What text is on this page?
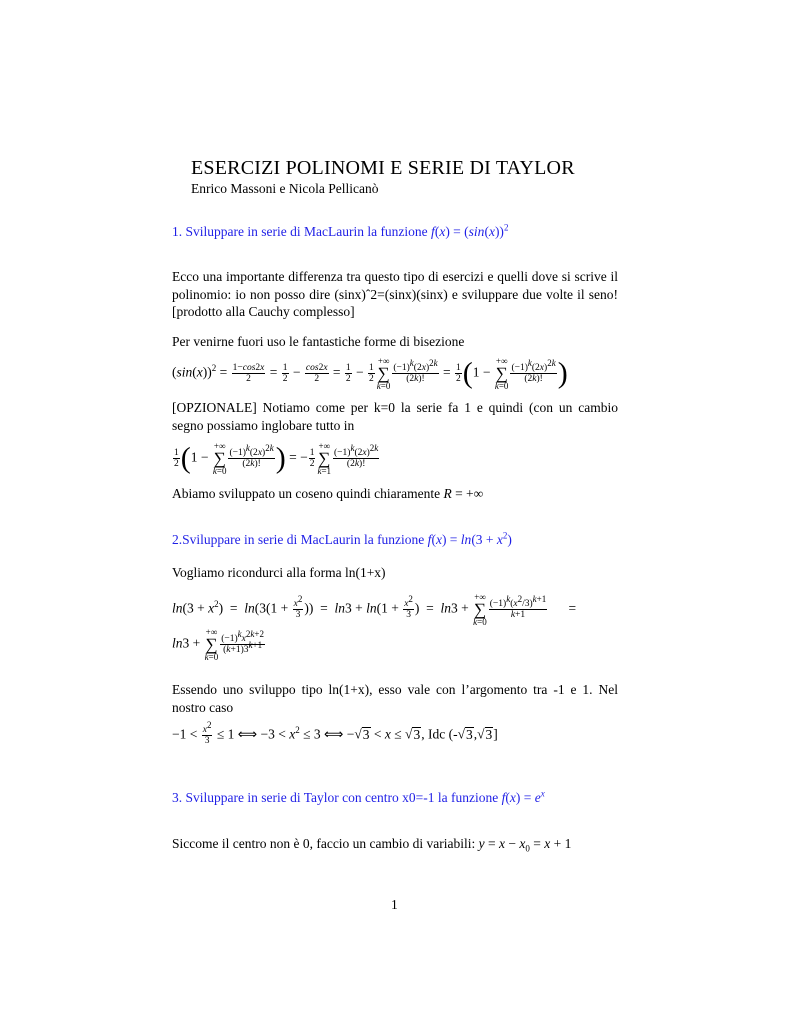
ESERCIZI POLINOMI E SERIE DI TAYLOR
Enrico Massoni e Nicola Pellicanò
1. Sviluppare in serie di MacLaurin la funzione $f(x) = (\sin(x))^2$
Ecco una importante differenza tra questo tipo di esercizi e quelli dove si scrive il polinomio: io non posso dire (sinx)ˆ2=(sinx)(sinx) e sviluppare due volte il seno! [prodotto alla Cauchy complesso]
Per venirne fuori uso le fantastiche forme di bisezione
$(\sin(x))^2 = \frac{1-\cos 2x}{2} = \frac{1}{2} - \frac{\cos 2x}{2} = \frac{1}{2} - \frac{1}{2}$
+∞
∑
k=0
$\frac{(-1)^k(2x)^{2k}}{(2k)!} = \frac{1}{2} (1$ −
+∞
∑
k=0
$\frac{(-1)^k(2x)^{2k}}{(2k)!}$ )
[OPZIONALE] Notiamo come per k=0 la serie fa 1 e quindi (con un cambio segno possiamo inglobare tutto in
$\frac{1}{2} (1$ −
+∞
∑
k=0
$\frac{(-1)^k(2x)^{2k}}{(2k)!}$ ) = − $\frac{1}{2}$
+∞
∑
k=1
$\frac{(-1)^k(2x)^{2k}}{(2k)!}$
Abiamo sviluppato un coseno quindi chiaramente R = +∞
2.Sviluppare in serie di MacLaurin la funzione $f(x) = \ln(3 + x^2)$
Vogliamo ricondurci alla forma ln(1+x)
$\ln(3 + x^2) = \ln(3(1 + \frac{x^2}{3}$ ))  =  $\ln 3 + \ln(1 + \frac{x^2}{3}$ )  =  ln3 +
+∞
∑
k=0
$\frac{(-1)^k(x^2/3)^{k+1}}{k+1}$ =
ln3 +
+∞
∑
k=0
$\frac{(-1)^kx^{2k+2}}{(k+1)3^{k+1}}$
Essendo uno sviluppo tipo ln(1+x), esso vale con l’argomento tra -1 e 1. Nel nostro caso
$-1 < \frac{x^2}{3} \le 1$ ⟺ $-3 < x^2 \le 3$ ⟺ −√3 < x ≤ √3, Idc (-√3,√3]
3. Sviluppare in serie di Taylor con centro x0=-1 la funzione $f(x) = e^x$
Siccome il centro non è 0, faccio un cambio di variabili: $y = x - x_0 = x + 1$
1
